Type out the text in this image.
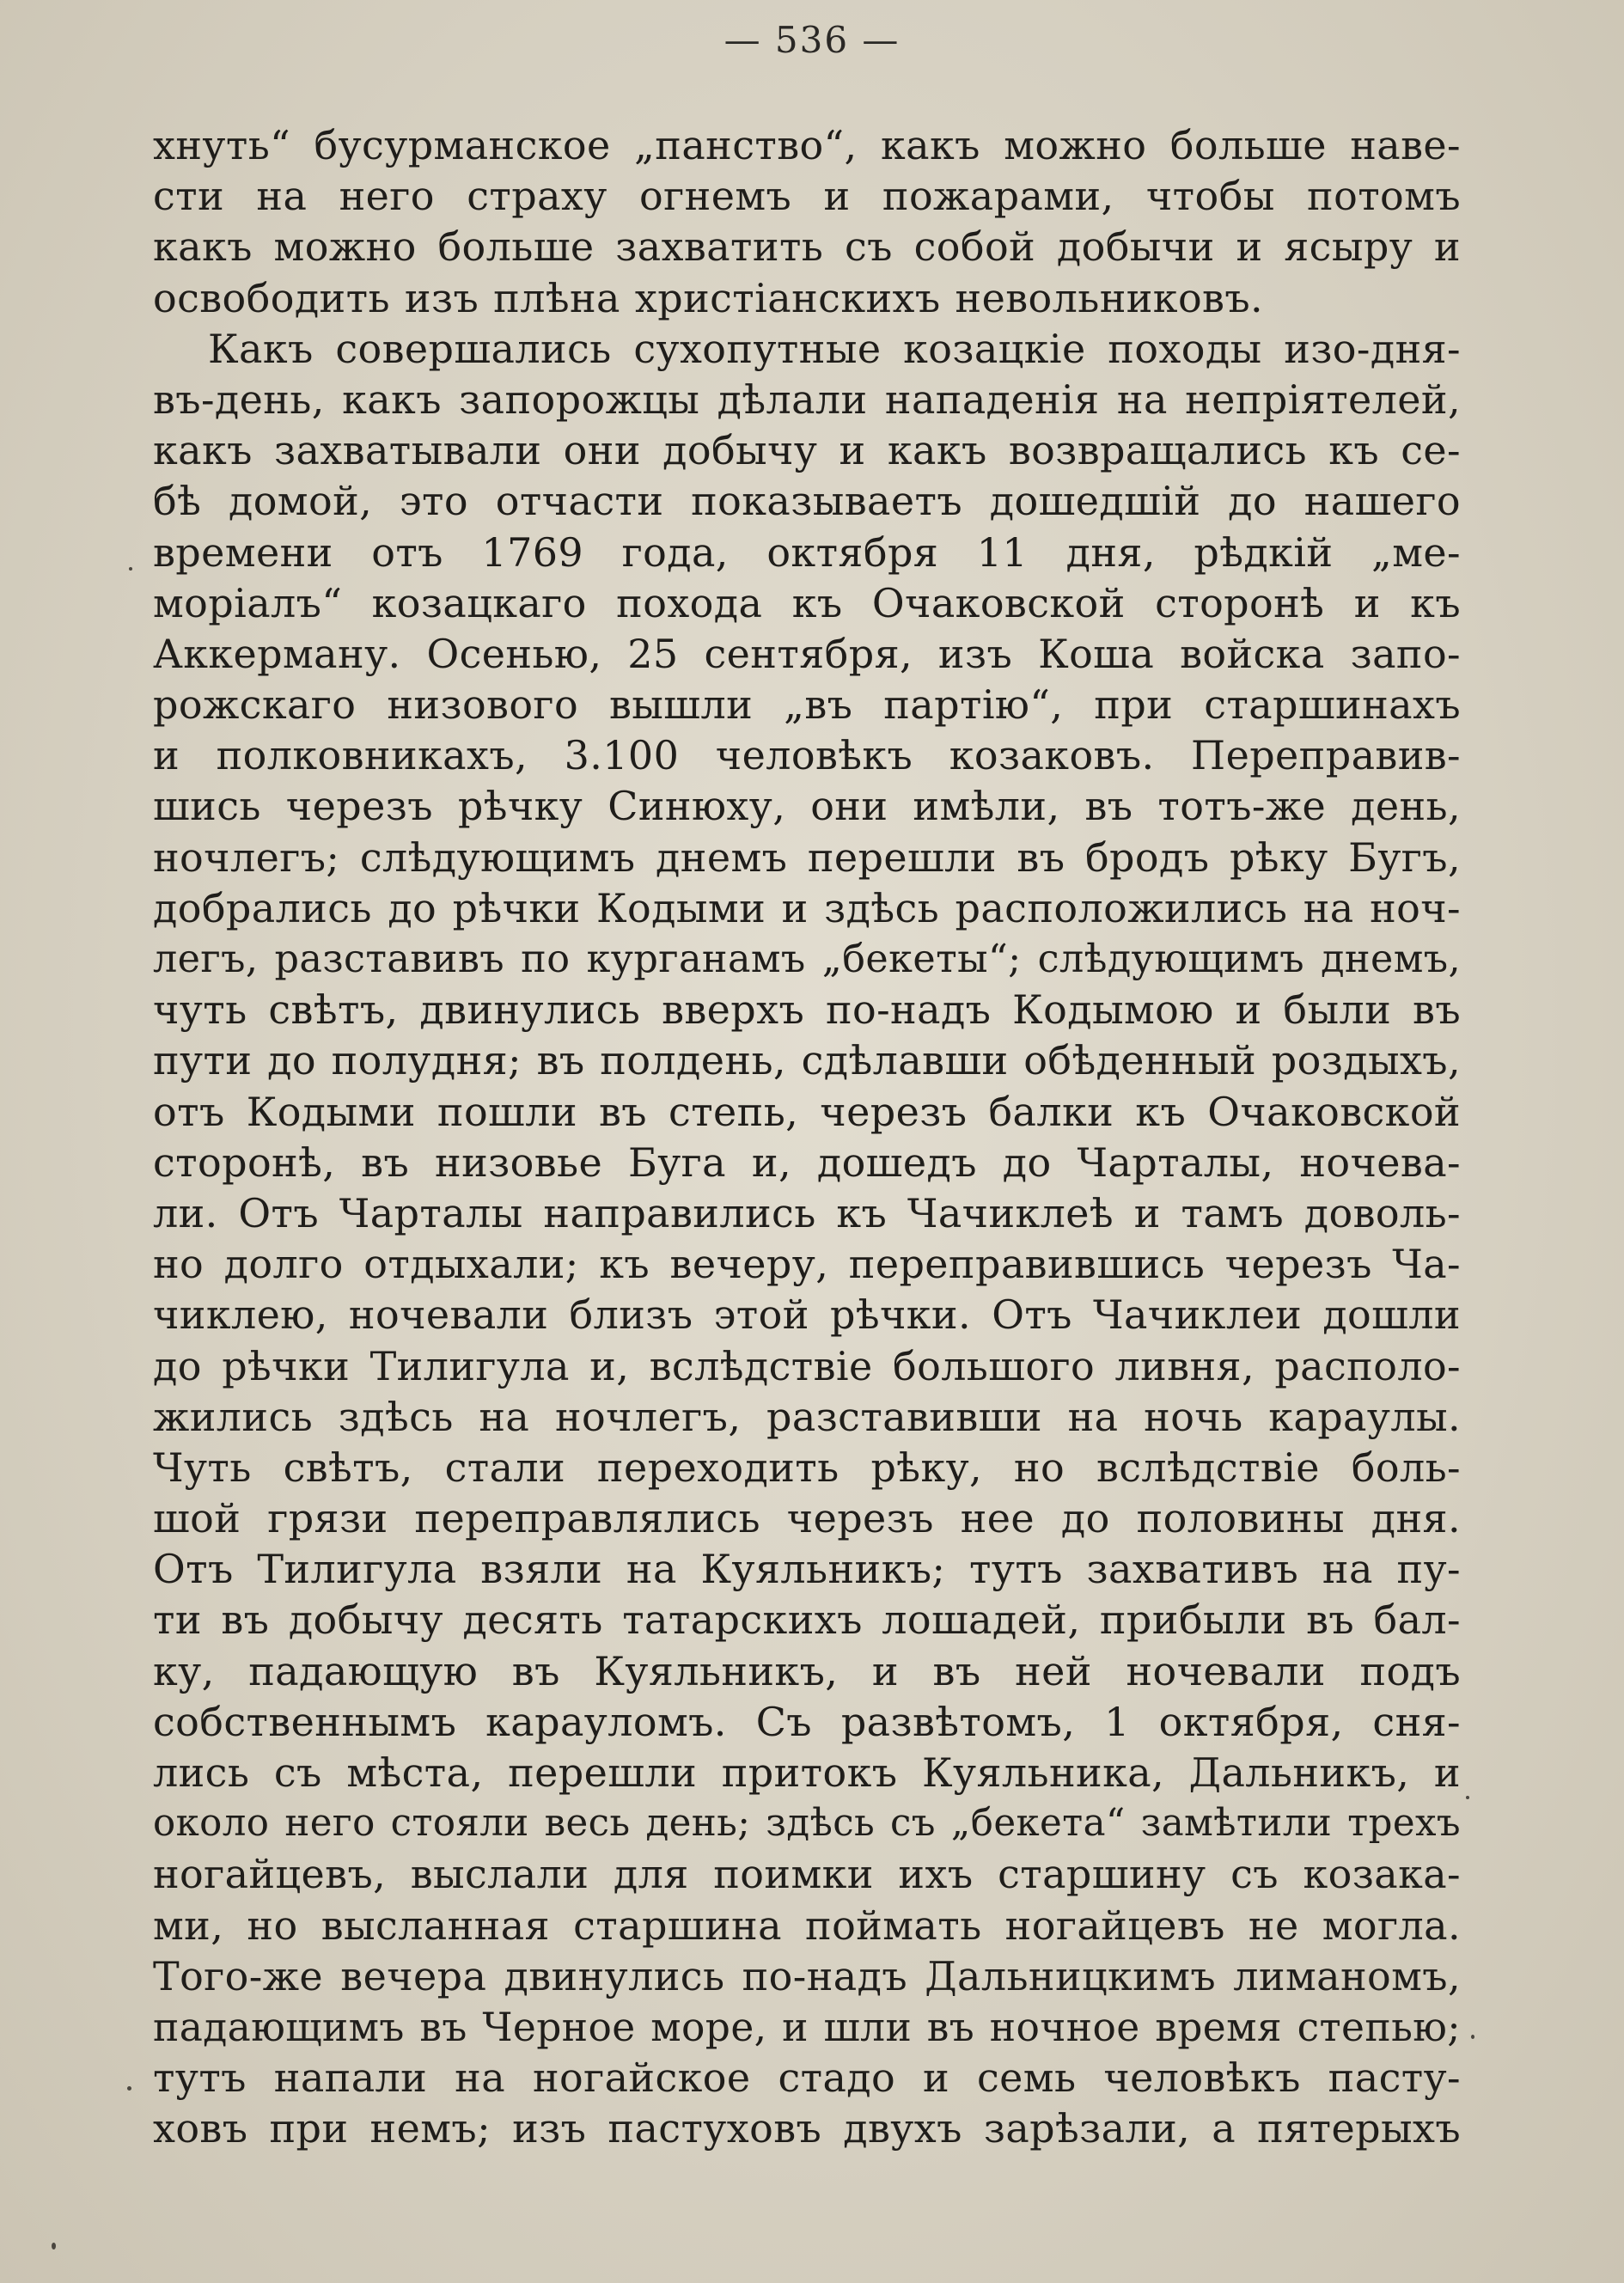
— 536 —
хнуть“ бусурманское „панство“, какъ можно больше навe-
сти на него страху огнемъ и пожарами, чтобы потомъ
какъ можно больше захватить съ собой добычи и ясыру и
освободить изъ плѣна христіанскихъ невольниковъ.
Какъ совершались сухопутные козацкіе походы изо-дня-
въ-день, какъ запорожцы дѣлали нападенія на непріятелей,
какъ захватывали они добычу и какъ возвращались къ се-
бѣ домой, это отчасти показываетъ дошедшій до нашего
времени отъ 1769 года, октября 11 дня, рѣдкій „ме-
моріалъ“ козацкаго похода къ Очаковской сторонѣ и къ
Аккерману. Осенью, 25 сентября, изъ Коша войска запо-
рожскаго низового вышли „въ партію“, при старшинахъ
и полковникахъ, 3.100 человѣкъ козаковъ. Переправив-
шись черезъ рѣчку Синюху, они имѣли, въ тотъ-же день,
ночлегъ; слѣдующимъ днемъ перешли въ бродъ рѣку Бугъ,
добрались до рѣчки Кодыми и здѣсь расположились на ноч-
легъ, разставивъ по курганамъ „бекеты“; слѣдующимъ днемъ,
чуть свѣтъ, двинулись вверхъ по-надъ Кодымою и были въ
пути до полудня; въ полдень, сдѣлавши обѣденный роздыхъ,
отъ Кодыми пошли въ степь, черезъ балки къ Очаковской
сторонѣ, въ низовье Буга и, дошедъ до Чарталы, ночева-
ли. Отъ Чарталы направились къ Чачиклеѣ и тамъ доволь-
но долго отдыхали; къ вечеру, переправившись черезъ Ча-
чиклею, ночевали близъ этой рѣчки. Отъ Чачиклеи дошли
до рѣчки Тилигула и, вслѣдствіе большого ливня, располо-
жились здѣсь на ночлегъ, разставивши на ночь караулы.
Чуть свѣтъ, стали переходить рѣку, но вслѣдствіе боль-
шой грязи переправлялись черезъ нее до половины дня.
Отъ Тилигула взяли на Куяльникъ; тутъ захвативъ на пу-
ти въ добычу десять татарскихъ лошадей, прибыли въ бал-
ку, падающую въ Куяльникъ, и въ ней ночевали подъ
собственнымъ карауломъ. Съ развѣтомъ, 1 октября, сня-
лись съ мѣста, перешли притокъ Куяльника, Дальникъ, и
около него стояли весь день; здѣсь съ „бекета“ замѣтили трехъ
ногайцевъ, выслали для поимки ихъ старшину съ козака-
ми, но высланная старшина поймать ногайцевъ не могла.
Того-же вечера двинулись по-надъ Дальницкимъ лиманомъ,
падающимъ въ Черное море, и шли въ ночное время степью;
тутъ напали на ногайское стадо и семь человѣкъ пасту-
ховъ при немъ; изъ пастуховъ двухъ зарѣзали, а пятерыхъ
